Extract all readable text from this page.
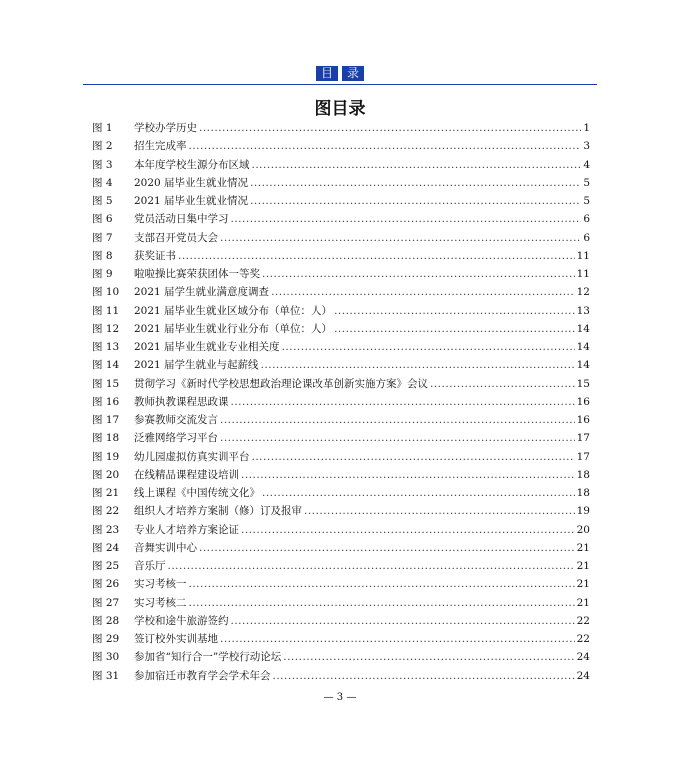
目	录
图目录
图 1	学校办学历史 .....	1
图 2	招生完成率 .....	3
图 3	本年度学校生源分布区域 .....	4
图 4	2020 届毕业生就业情况 .....	5
图 5	2021 届毕业生就业情况 .....	5
图 6	党员活动日集中学习 .....	6
图 7	支部召开党员大会 .....	6
图 8	获奖证书 .....	11
图 9	啦啦操比赛荣获团体一等奖 .....	11
图 10	2021 届学生就业满意度调查 .....	12
图 11	2021 届毕业生就业区域分布（单位：人） .....	13
图 12	2021 届毕业生就业行业分布（单位：人） .....	14
图 13	2021 届毕业生就业专业相关度 .....	14
图 14	2021 届学生就业与起薪线 .....	14
图 15	贯彻学习《新时代学校思想政治理论课改革创新实施方案》会议 .....	15
图 16	教师执教课程思政课 .....	16
图 17	参赛教师交流发言 .....	16
图 18	泛雅网络学习平台 .....	17
图 19	幼儿园虚拟仿真实训平台 .....	17
图 20	在线精品课程建设培训 .....	18
图 21	线上课程《中国传统文化》 .....	18
图 22	组织人才培养方案制（修）订及报审 .....	19
图 23	专业人才培养方案论证 .....	20
图 24	音舞实训中心 .....	21
图 25	音乐厅 .....	21
图 26	实习考核一 .....	21
图 27	实习考核二 .....	21
图 28	学校和途牛旅游签约 .....	22
图 29	签订校外实训基地 .....	22
图 30	参加省“知行合一”学校行动论坛 .....	24
图 31	参加宿迁市教育学会学术年会 .....	24
— 3 —
